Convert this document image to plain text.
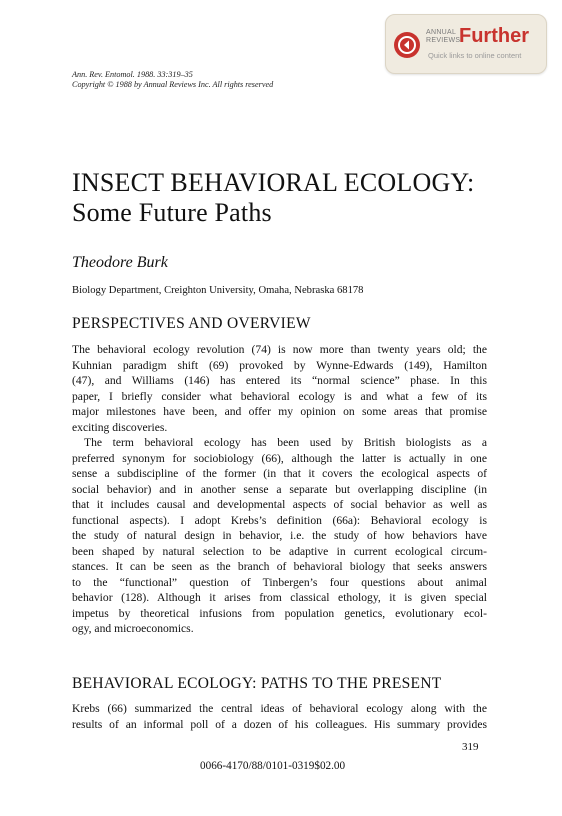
ANNUAL
REVIEWS
Further
Quick links to online content
Ann. Rev. Entomol. 1988. 33:319–35
Copyright © 1988 by Annual Reviews Inc. All rights reserved
INSECT BEHAVIORAL ECOLOGY:
Some Future Paths
Theodore Burk
Biology Department, Creighton University, Omaha, Nebraska 68178
PERSPECTIVES AND OVERVIEW
The behavioral ecology revolution (74) is now more than twenty years old; the
Kuhnian paradigm shift (69) provoked by Wynne-Edwards (149), Hamilton
(47), and Williams (146) has entered its “normal science” phase. In this
paper, I briefly consider what behavioral ecology is and what a few of its
major milestones have been, and offer my opinion on some areas that promise
exciting discoveries.
The term behavioral ecology has been used by British biologists as a
preferred synonym for sociobiology (66), although the latter is actually in one
sense a subdiscipline of the former (in that it covers the ecological aspects of
social behavior) and in another sense a separate but overlapping discipline (in
that it includes causal and developmental aspects of social behavior as well as
functional aspects). I adopt Krebs’s definition (66a): Behavioral ecology is
the study of natural design in behavior, i.e. the study of how behaviors have
been shaped by natural selection to be adaptive in current ecological circum-
stances. It can be seen as the branch of behavioral biology that seeks answers
to the “functional” question of Tinbergen’s four questions about animal
behavior (128). Although it arises from classical ethology, it is given special
impetus by theoretical infusions from population genetics, evolutionary ecol-
ogy, and microeconomics.
BEHAVIORAL ECOLOGY: PATHS TO THE PRESENT
Krebs (66) summarized the central ideas of behavioral ecology along with the
results of an informal poll of a dozen of his colleagues. His summary provides
319
0066-4170/88/0101-0319$02.00
